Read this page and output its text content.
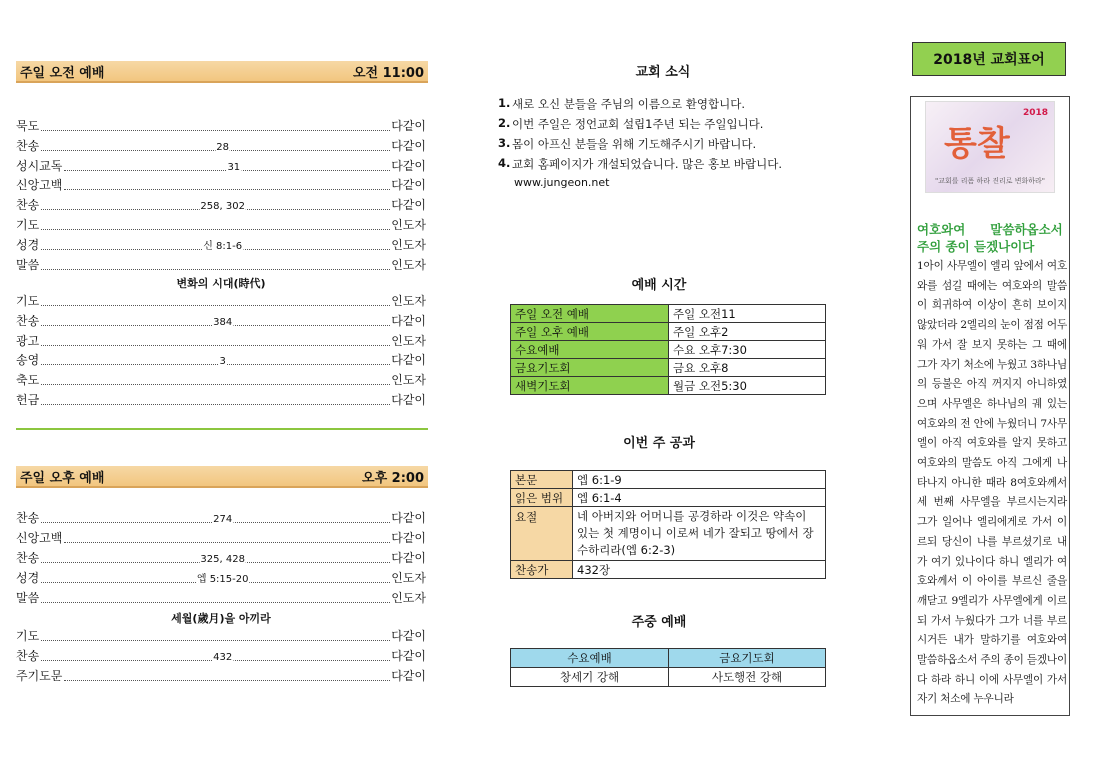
주일 오전 예배	오전 11:00
묵도	다같이
찬송	28	다같이
성시교독	31	다같이
신앙고백	다같이
찬송	258, 302	다같이
기도	인도자
성경	신 8:1-6	인도자
말씀	인도자
변화의 시대(時代)
기도	인도자
찬송	384	다같이
광고	인도자
송영	3	다같이
축도	인도자
헌금	다같이
주일 오후 예배	오후 2:00
찬송	274	다같이
신앙고백	다같이
찬송	325, 428	다같이
성경	엡 5:15-20	인도자
말씀	인도자
세월(歲月)을 아끼라
기도	다같이
찬송	432	다같이
주기도문	다같이
교회 소식
1. 새로 오신 분들을 주님의 이름으로 환영합니다.
2. 이번 주일은 정언교회 설립1주년 되는 주일입니다.
3. 몸이 아프신 분들을 위해 기도해주시기 바랍니다.
4. 교회 홈페이지가 개설되었습니다. 많은 홍보 바랍니다.
www.jungeon.net
예배 시간
주일 오전 예배	주일 오전11
주일 오후 예배	주일 오후2
수요예배	수요 오후7:30
금요기도회	금요 오후8
새벽기도회	월금 오전5:30
이번 주 공과
본문	엡 6:1-9
읽은 범위	엡 6:1-4
요절	네 아버지와 어머니를 공경하라 이것은 약속이 있는 첫 계명이니 이로써 네가 잘되고 땅에서 장수하리라(엡 6:2-3)
찬송가	432장
주중 예배
수요예배	금요기도회
창세기 강해	사도행전 강해
2018년 교회표어
2018
통찰
"교회를 리폼 하라 진리로 변화하라"
여호와여　　말씀하옵소서 주의 종이 듣겠나이다
1아이 사무엘이 엘리 앞에서 여호와를 섬길 때에는 여호와의 말씀이 희귀하여 이상이 흔히 보이지 않았더라 2엘리의 눈이 점점 어두워 가서 잘 보지 못하는 그 때에 그가 자기 처소에 누웠고 3하나님의 등불은 아직 꺼지지 아니하였으며 사무엘은 하나님의 궤 있는 여호와의 전 안에 누웠더니 7사무엘이 아직 여호와를 알지 못하고 여호와의 말씀도 아직 그에게 나타나지 아니한 때라 8여호와께서 세 번째 사무엘을 부르시는지라 그가 일어나 엘리에게로 가서 이르되 당신이 나를 부르셨기로 내가 여기 있나이다 하니 엘리가 여호와께서 이 아이를 부르신 줄을 깨닫고 9엘리가 사무엘에게 이르되 가서 누웠다가 그가 너를 부르시거든 내가 말하기를 여호와여 말씀하옵소서 주의 종이 듣겠나이다 하라 하니 이에 사무엘이 가서 자기 처소에 누우니라
